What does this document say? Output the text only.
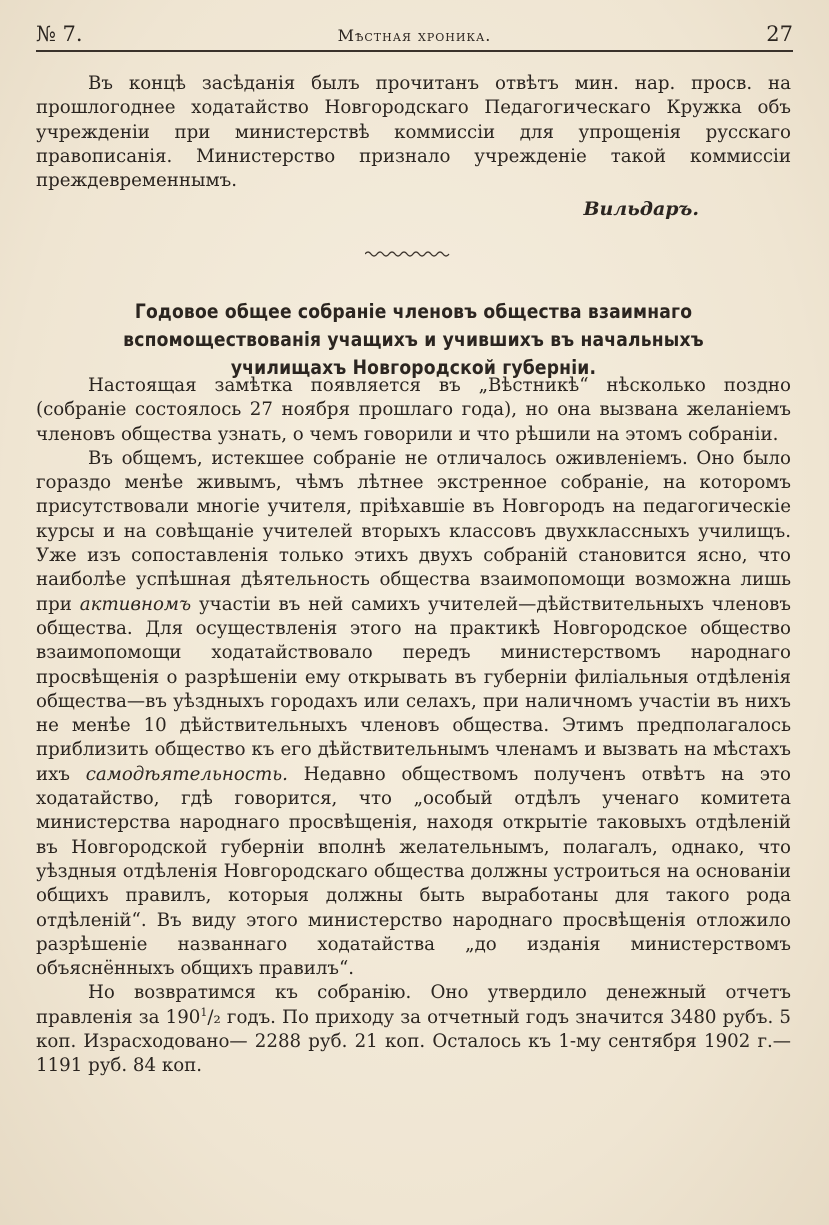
№ 7.	Мѣстная хроника.	27

Въ концѣ засѣданія былъ прочитанъ отвѣтъ мин. нар. просв. на прошлогоднее ходатайство Новгородскаго Педагогическаго Кружка объ учрежденіи при министерствѣ коммиссіи для упрощенія русскаго правописанія. Министерство признало учрежденіе такой коммиссіи преждевременнымъ.

Вильдаръ.
Годовое общее собраніе членовъ общества взаимнаго вспомоществованія учащихъ и учившихъ въ начальныхъ училищахъ Новгородской губерніи.

Настоящая замѣтка появляется въ „Вѣстникѣ“ нѣсколько поздно (собраніе состоялось 27 ноября прошлаго года), но она вызвана желаніемъ членовъ общества узнать, о чемъ говорили и что рѣшили на этомъ собраніи.

Въ общемъ, истекшее собраніе не отличалось оживленіемъ. Оно было гораздо менѣе живымъ, чѣмъ лѣтнее экстренное собраніе, на которомъ присутствовали многіе учителя, пріѣхавшіе въ Новгородъ на педагогическіе курсы и на совѣщаніе учителей вторыхъ классовъ двухклассныхъ училищъ. Уже изъ сопоставленія только этихъ двухъ собраній становится ясно, что наиболѣе успѣшная дѣятельность общества взаимопомощи возможна лишь при активномъ участіи въ ней самихъ учителей—дѣйствительныхъ членовъ общества. Для осуществленія этого на практикѣ Новгородское общество взаимопомощи ходатайствовало передъ министерствомъ народнаго просвѣщенія о разрѣшеніи ему открывать въ губерніи филіальныя отдѣленія общества—въ уѣздныхъ городахъ или селахъ, при наличномъ участіи въ нихъ не менѣе 10 дѣйствительныхъ членовъ общества. Этимъ предполагалось приблизить общество къ его дѣйствительнымъ членамъ и вызвать на мѣстахъ ихъ самодѣятельность. Недавно обществомъ полученъ отвѣтъ на это ходатайство, гдѣ говорится, что „особый отдѣлъ ученаго комитета министерства народнаго просвѣщенія, находя открытіе таковыхъ отдѣленій въ Новгородской губерніи вполнѣ желательнымъ, полагалъ, однако, что уѣздныя отдѣленія Новгородскаго общества должны устроиться на основаніи общихъ правилъ, которыя должны быть выработаны для такого рода отдѣленій“. Въ виду этого министерство народнаго просвѣщенія отложило разрѣшеніе названнаго ходатайства „до изданія министерствомъ объяснённыхъ общихъ правилъ“.

Но возвратимся къ собранію. Оно утвердило денежный отчетъ правленія за $190^1/_2$ годъ. По приходу за отчетный годъ значится 3480 рубъ. 5 коп. Израсходовано— 2288 руб. 21 коп. Осталось къ 1-му сентября 1902 г.—1191 руб. 84 коп.
